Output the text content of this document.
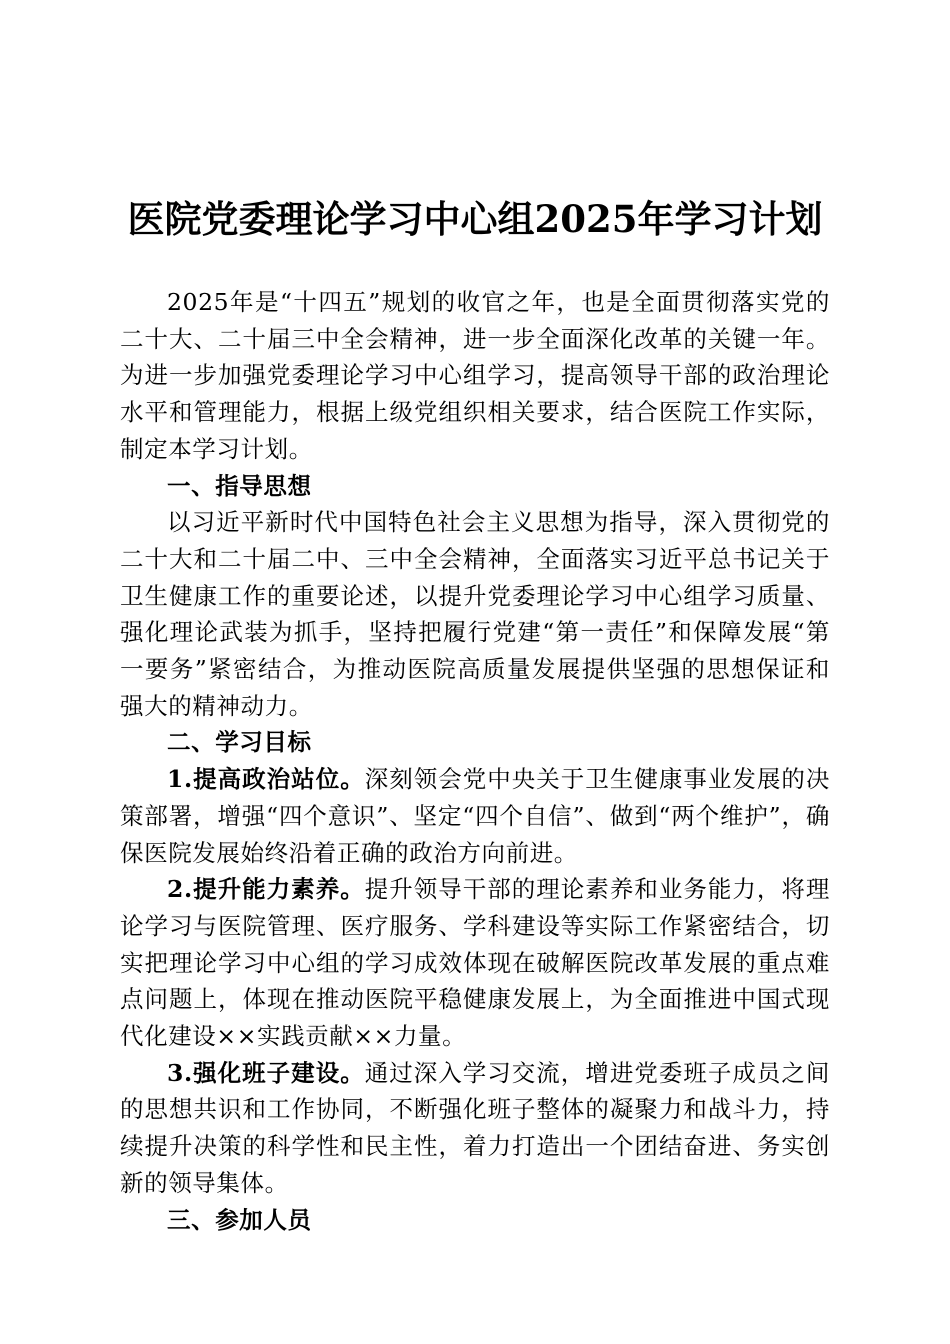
医院党委理论学习中心组2025年学习计划

2025年是“十四五”规划的收官之年，也是全面贯彻落实党的二十大、二十届三中全会精神，进一步全面深化改革的关键一年。为进一步加强党委理论学习中心组学习，提高领导干部的政治理论水平和管理能力，根据上级党组织相关要求，结合医院工作实际，制定本学习计划。

一、指导思想

以习近平新时代中国特色社会主义思想为指导，深入贯彻党的二十大和二十届二中、三中全会精神，全面落实习近平总书记关于卫生健康工作的重要论述，以提升党委理论学习中心组学习质量、强化理论武装为抓手，坚持把履行党建“第一责任”和保障发展“第一要务”紧密结合，为推动医院高质量发展提供坚强的思想保证和强大的精神动力。

二、学习目标

1.提高政治站位。深刻领会党中央关于卫生健康事业发展的决策部署，增强“四个意识”、坚定“四个自信”、做到“两个维护”，确保医院发展始终沿着正确的政治方向前进。

2.提升能力素养。提升领导干部的理论素养和业务能力，将理论学习与医院管理、医疗服务、学科建设等实际工作紧密结合，切实把理论学习中心组的学习成效体现在破解医院改革发展的重点难点问题上，体现在推动医院平稳健康发展上，为全面推进中国式现代化建设××实践贡献××力量。

3.强化班子建设。通过深入学习交流，增进党委班子成员之间的思想共识和工作协同，不断强化班子整体的凝聚力和战斗力，持续提升决策的科学性和民主性，着力打造出一个团结奋进、务实创新的领导集体。

三、参加人员
